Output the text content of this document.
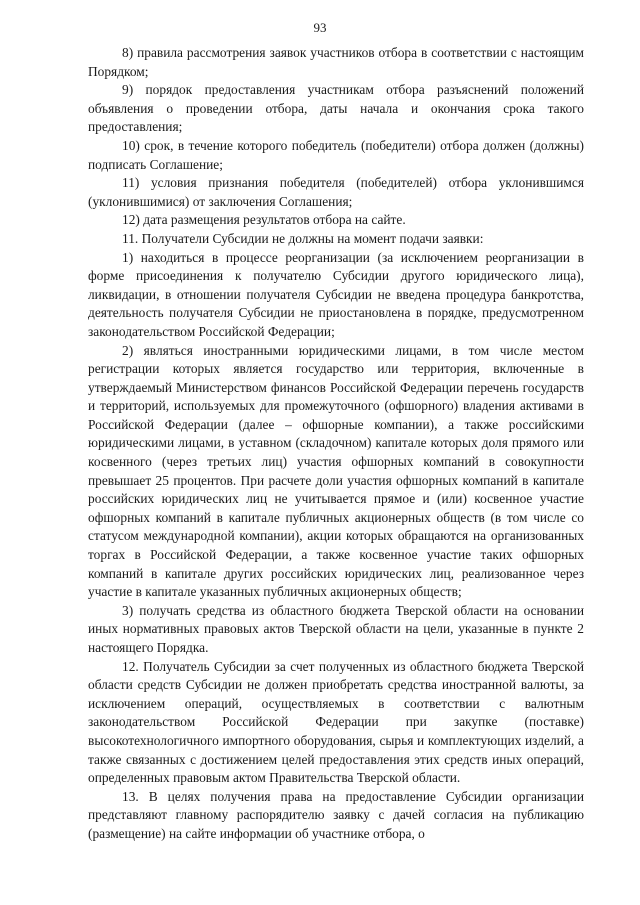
93

8) правила рассмотрения заявок участников отбора в соответствии с настоящим Порядком;

9) порядок предоставления участникам отбора разъяснений положений объявления о проведении отбора, даты начала и окончания срока такого предоставления;

10) срок, в течение которого победитель (победители) отбора должен (должны) подписать Соглашение;

11) условия признания победителя (победителей) отбора уклонившимся (уклонившимися) от заключения Соглашения;

12) дата размещения результатов отбора на сайте.

11. Получатели Субсидии не должны на момент подачи заявки:

1) находиться в процессе реорганизации (за исключением реорганизации в форме присоединения к получателю Субсидии другого юридического лица), ликвидации, в отношении получателя Субсидии не введена процедура банкротства, деятельность получателя Субсидии не приостановлена в порядке, предусмотренном законодательством Российской Федерации;

2) являться иностранными юридическими лицами, в том числе местом регистрации которых является государство или территория, включенные в утверждаемый Министерством финансов Российской Федерации перечень государств и территорий, используемых для промежуточного (офшорного) владения активами в Российской Федерации (далее – офшорные компании), а также российскими юридическими лицами, в уставном (складочном) капитале которых доля прямого или косвенного (через третьих лиц) участия офшорных компаний в совокупности превышает 25 процентов. При расчете доли участия офшорных компаний в капитале российских юридических лиц не учитывается прямое и (или) косвенное участие офшорных компаний в капитале публичных акционерных обществ (в том числе со статусом международной компании), акции которых обращаются на организованных торгах в Российской Федерации, а также косвенное участие таких офшорных компаний в капитале других российских юридических лиц, реализованное через участие в капитале указанных публичных акционерных обществ;

3) получать средства из областного бюджета Тверской области на основании иных нормативных правовых актов Тверской области на цели, указанные в пункте 2 настоящего Порядка.

12. Получатель Субсидии за счет полученных из областного бюджета Тверской области средств Субсидии не должен приобретать средства иностранной валюты, за исключением операций, осуществляемых в соответствии с валютным законодательством Российской Федерации при закупке (поставке) высокотехнологичного импортного оборудования, сырья и комплектующих изделий, а также связанных с достижением целей предоставления этих средств иных операций, определенных правовым актом Правительства Тверской области.

13. В целях получения права на предоставление Субсидии организации представляют главному распорядителю заявку с дачей согласия на публикацию (размещение) на сайте информации об участнике отбора, о
